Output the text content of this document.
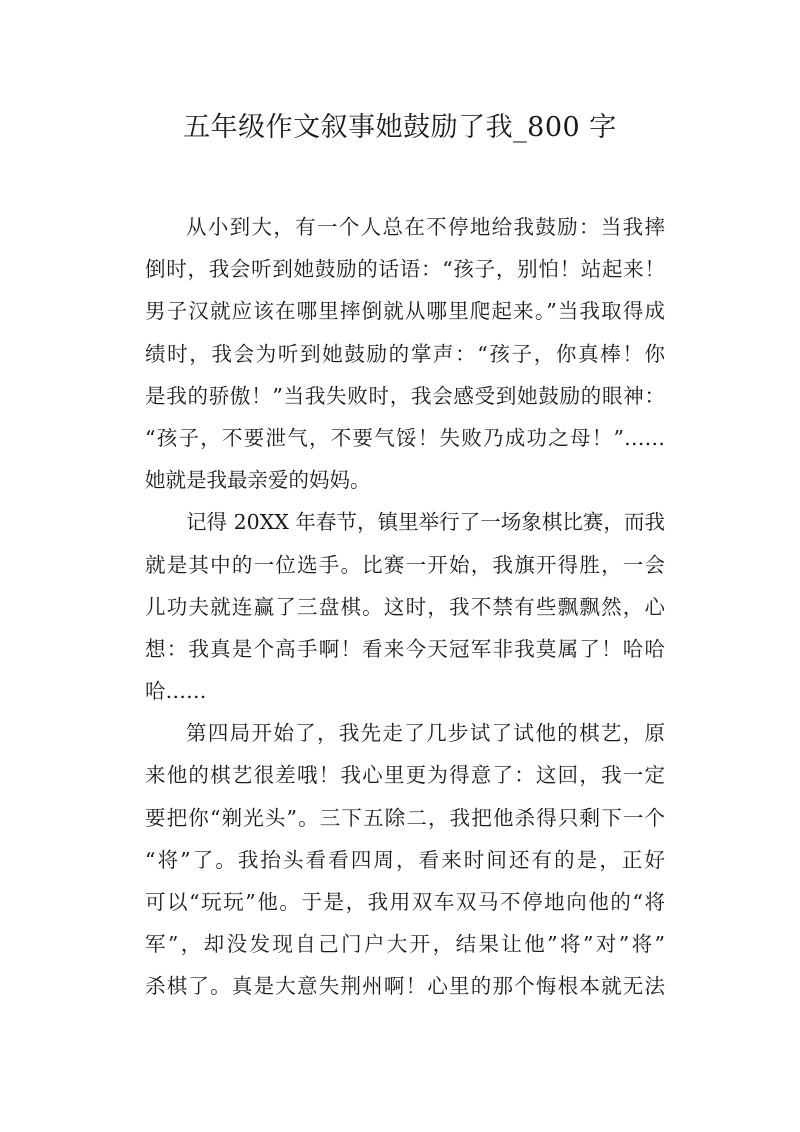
五年级作文叙事她鼓励了我_800 字
从小到大，有一个人总在不停地给我鼓励：当我摔
倒时，我会听到她鼓励的话语：“孩子，别怕！站起来！
男子汉就应该在哪里摔倒就从哪里爬起来。”当我取得成
绩时，我会为听到她鼓励的掌声：“孩子，你真棒！你
是我的骄傲！”当我失败时，我会感受到她鼓励的眼神：
“孩子，不要泄气，不要气馁！失败乃成功之母！”……
她就是我最亲爱的妈妈。
记得 20XX 年春节，镇里举行了一场象棋比赛，而我
就是其中的一位选手。比赛一开始，我旗开得胜，一会
儿功夫就连赢了三盘棋。这时，我不禁有些飘飘然，心
想：我真是个高手啊！看来今天冠军非我莫属了！哈哈
哈……
第四局开始了，我先走了几步试了试他的棋艺，原
来他的棋艺很差哦！我心里更为得意了：这回，我一定
要把你“剃光头”。三下五除二，我把他杀得只剩下一个
“将”了。我抬头看看四周，看来时间还有的是，正好
可以“玩玩”他。于是，我用双车双马不停地向他的“将
军”，却没发现自己门户大开，结果让他”将”对”将”
杀棋了。真是大意失荆州啊！心里的那个悔根本就无法
